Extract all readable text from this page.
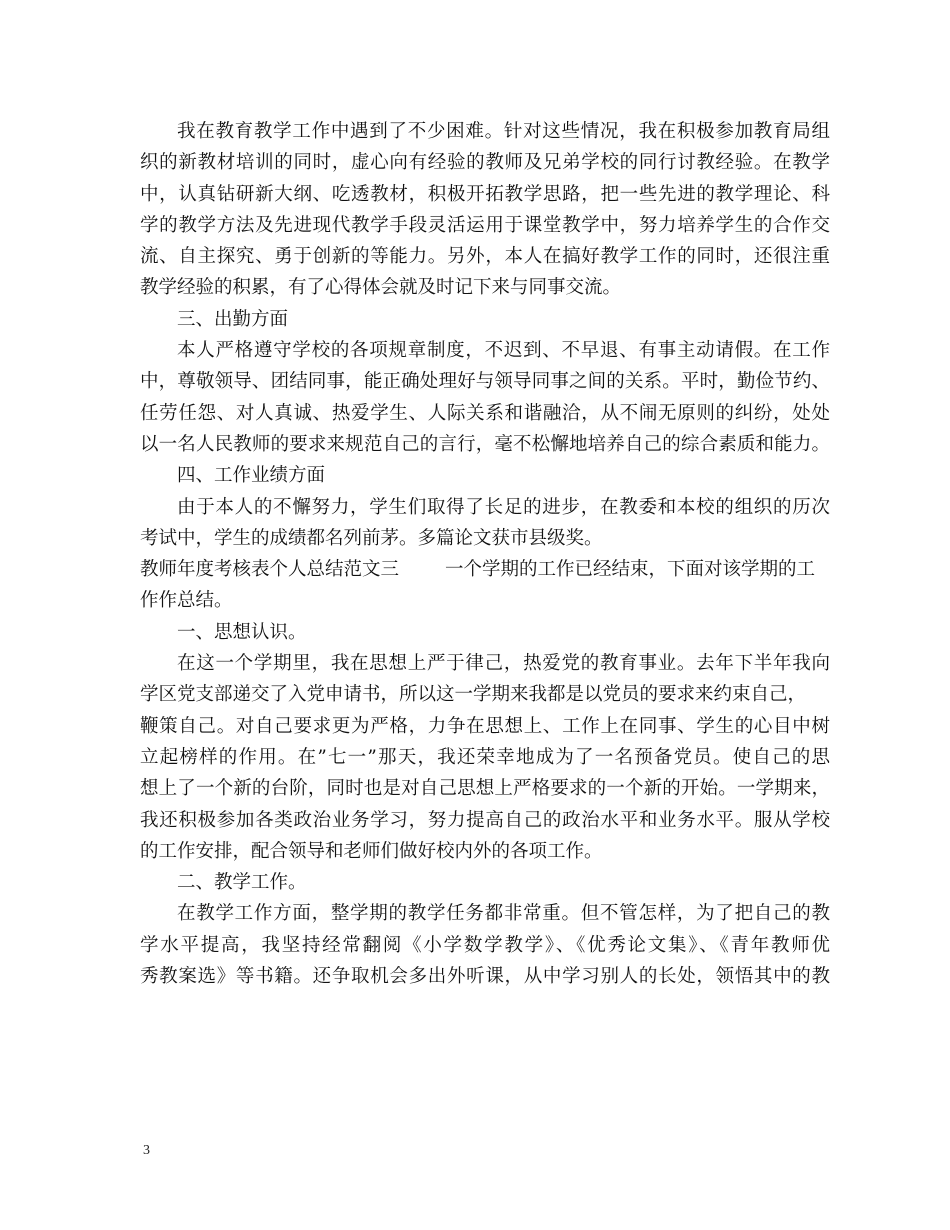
我在教育教学工作中遇到了不少困难。针对这些情况，我在积极参加教育局组
织的新教材培训的同时，虚心向有经验的教师及兄弟学校的同行讨教经验。在教学
中，认真钻研新大纲、吃透教材，积极开拓教学思路，把一些先进的教学理论、科
学的教学方法及先进现代教学手段灵活运用于课堂教学中，努力培养学生的合作交
流、自主探究、勇于创新的等能力。另外，本人在搞好教学工作的同时，还很注重
教学经验的积累，有了心得体会就及时记下来与同事交流。
三、出勤方面
本人严格遵守学校的各项规章制度，不迟到、不早退、有事主动请假。在工作
中，尊敬领导、团结同事，能正确处理好与领导同事之间的关系。平时，勤俭节约、
任劳任怨、对人真诚、热爱学生、人际关系和谐融洽，从不闹无原则的纠纷，处处
以一名人民教师的要求来规范自己的言行，毫不松懈地培养自己的综合素质和能力。
四、工作业绩方面
由于本人的不懈努力，学生们取得了长足的进步，在教委和本校的组织的历次
考试中，学生的成绩都名列前茅。多篇论文获市县级奖。
教师年度考核表个人总结范文三 一个学期的工作已经结束，下面对该学期的工
作作总结。
一、思想认识。
在这一个学期里，我在思想上严于律己，热爱党的教育事业。去年下半年我向
学区党支部递交了入党申请书，所以这一学期来我都是以党员的要求来约束自己，
鞭策自己。对自己要求更为严格，力争在思想上、工作上在同事、学生的心目中树
立起榜样的作用。在”七一”那天，我还荣幸地成为了一名预备党员。使自己的思
想上了一个新的台阶，同时也是对自己思想上严格要求的一个新的开始。一学期来，
我还积极参加各类政治业务学习，努力提高自己的政治水平和业务水平。服从学校
的工作安排，配合领导和老师们做好校内外的各项工作。
二、教学工作。
在教学工作方面，整学期的教学任务都非常重。但不管怎样，为了把自己的教
学水平提高，我坚持经常翻阅《小学数学教学》、《优秀论文集》、《青年教师优
秀教案选》等书籍。还争取机会多出外听课，从中学习别人的长处，领悟其中的教
3
